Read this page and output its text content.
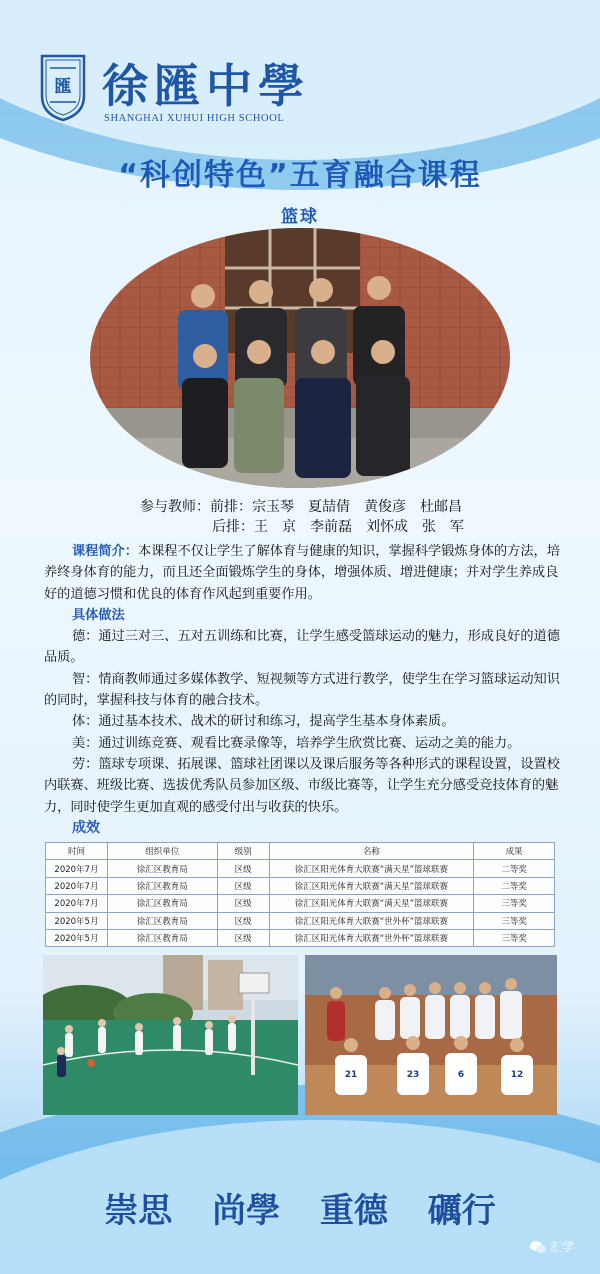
匯 徐匯中學
SHANGHAI XUHUI HIGH SCHOOL
“科创特色”五育融合课程
篮球
参与教师：前排：宗玉琴　夏喆倩　黄俊彦　杜邮昌
后排：王　京　李前磊　刘怀成　张　军

课程简介：本课程不仅让学生了解体育与健康的知识，掌握科学锻炼身体的方法，培养终身体育的能力，而且还全面锻炼学生的身体，增强体质、增进健康；并对学生养成良好的道德习惯和优良的体育作风起到重要作用。

具体做法

德：通过三对三、五对五训练和比赛，让学生感受篮球运动的魅力，形成良好的道德品质。

智：情商教师通过多媒体教学、短视频等方式进行教学，使学生在学习篮球运动知识的同时，掌握科技与体育的融合技术。

体：通过基本技术、战术的研讨和练习，提高学生基本身体素质。

美：通过训练竞赛、观看比赛录像等，培养学生欣赏比赛、运动之美的能力。

劳：篮球专项课、拓展课、篮球社团课以及课后服务等各种形式的课程设置，设置校内联赛、班级比赛、选拔优秀队员参加区级、市级比赛等，让学生充分感受竞技体育的魅力，同时使学生更加直观的感受付出与收获的快乐。

成效
时间	组织单位	级别	名称	成果
2020年7月	徐汇区教育局	区级	徐汇区阳光体育大联赛“满天星”篮球联赛	二等奖
2020年7月	徐汇区教育局	区级	徐汇区阳光体育大联赛“满天星”篮球联赛	二等奖
2020年7月	徐汇区教育局	区级	徐汇区阳光体育大联赛“满天星”篮球联赛	三等奖
2020年5月	徐汇区教育局	区级	徐汇区阳光体育大联赛“世外杯”篮球联赛	三等奖
2020年5月	徐汇区教育局	区级	徐汇区阳光体育大联赛“世外杯”篮球联赛	三等奖
21	23	6	12
崇思 尚學 重德 礪行
汇学
